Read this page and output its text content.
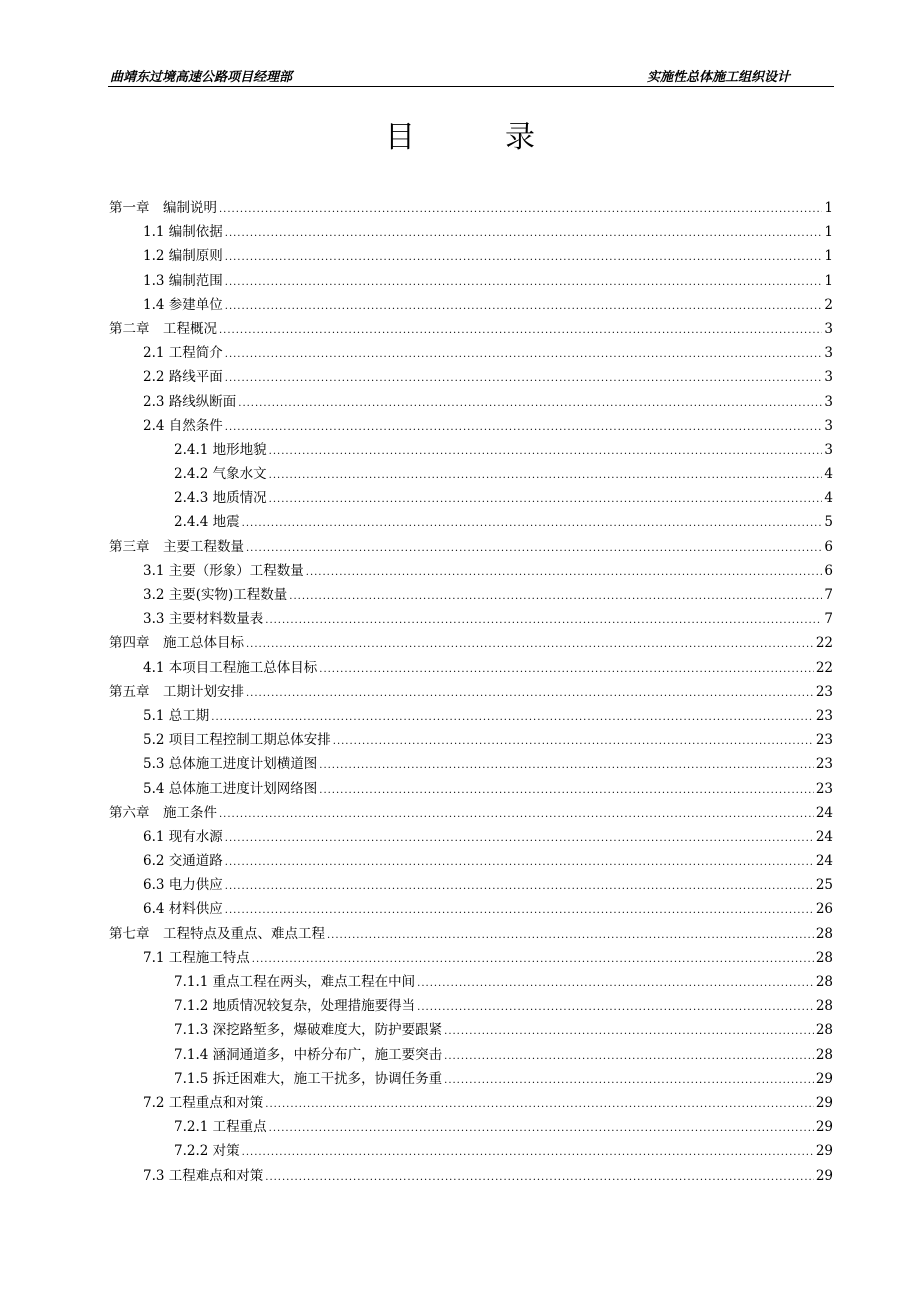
曲靖东过境高速公路项目经理部	实施性总体施工组织设计
目	录
第一章　编制说明 .....	1
1.1 编制依据 .....	1
1.2 编制原则 .....	1
1.3 编制范围 .....	1
1.4 参建单位 .....	2
第二章　工程概况 .....	3
2.1 工程简介 .....	3
2.2 路线平面 .....	3
2.3 路线纵断面 .....	3
2.4 自然条件 .....	3
2.4.1 地形地貌 .....	3
2.4.2 气象水文 .....	4
2.4.3 地质情况 .....	4
2.4.4 地震 .....	5
第三章　主要工程数量 .....	6
3.1 主要（形象）工程数量 .....	6
3.2 主要(实物)工程数量 .....	7
3.3 主要材料数量表 .....	7
第四章　施工总体目标 .....	22
4.1 本项目工程施工总体目标 .....	22
第五章　工期计划安排 .....	23
5.1 总工期 .....	23
5.2 项目工程控制工期总体安排 .....	23
5.3 总体施工进度计划横道图 .....	23
5.4 总体施工进度计划网络图 .....	23
第六章　施工条件 .....	24
6.1 现有水源 .....	24
6.2 交通道路 .....	24
6.3 电力供应 .....	25
6.4 材料供应 .....	26
第七章　工程特点及重点、难点工程 .....	28
7.1 工程施工特点 .....	28
7.1.1 重点工程在两头，难点工程在中间 .....	28
7.1.2 地质情况较复杂，处理措施要得当 .....	28
7.1.3 深挖路堑多，爆破难度大，防护要跟紧 .....	28
7.1.4 涵洞通道多，中桥分布广，施工要突击 .....	28
7.1.5 拆迁困难大，施工干扰多，协调任务重 .....	29
7.2 工程重点和对策 .....	29
7.2.1 工程重点 .....	29
7.2.2 对策 .....	29
7.3 工程难点和对策 .....	29
